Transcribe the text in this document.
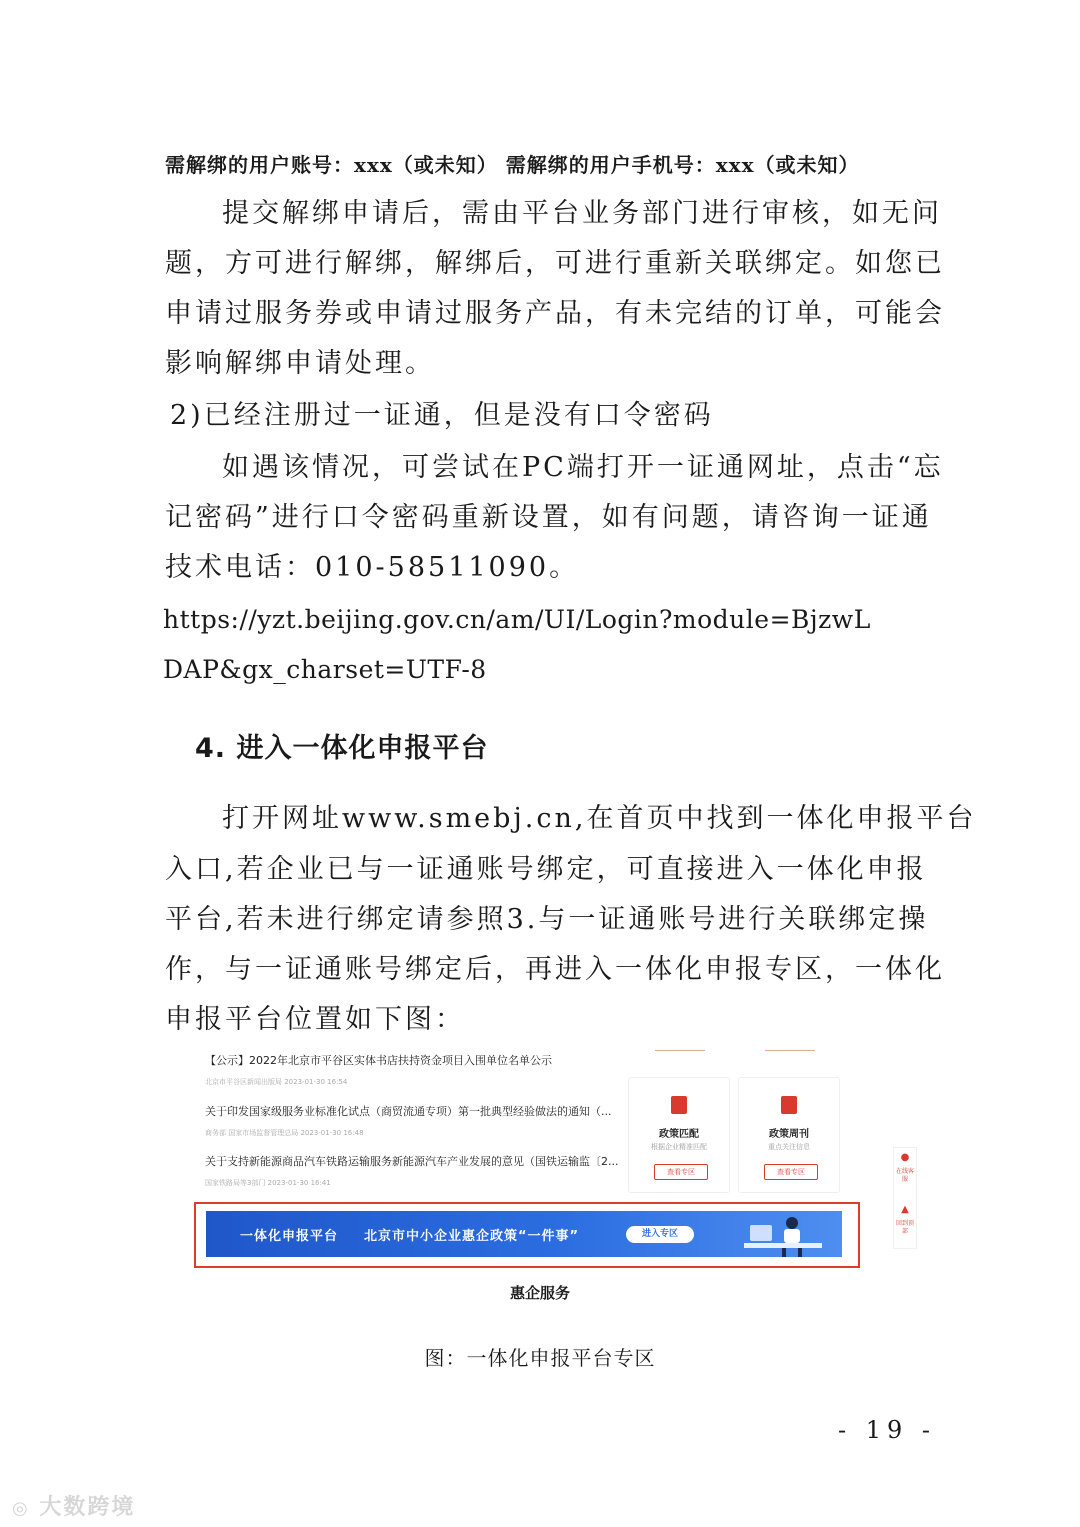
需解绑的用户账号：xxx（或未知） 需解绑的用户手机号：xxx（或未知）
提交解绑申请后，需由平台业务部门进行审核，如无问
题，方可进行解绑，解绑后，可进行重新关联绑定。如您已
申请过服务券或申请过服务产品，有未完结的订单，可能会
影响解绑申请处理。
2)已经注册过一证通，但是没有口令密码
如遇该情况，可尝试在PC端打开一证通网址，点击“忘
记密码”进行口令密码重新设置，如有问题，请咨询一证通
技术电话：010-58511090。
https://yzt.beijing.gov.cn/am/UI/Login?module=BjzwL
DAP&gx_charset=UTF-8
4. 进入一体化申报平台
打开网址www.smebj.cn,在首页中找到一体化申报平台
入口,若企业已与一证通账号绑定，可直接进入一体化申报
平台,若未进行绑定请参照3.与一证通账号进行关联绑定操
作，与一证通账号绑定后，再进入一体化申报专区，一体化
申报平台位置如下图：
【公示】2022年北京市平谷区实体书店扶持资金项目入围单位名单公示
北京市平谷区新闻出版局 2023-01-30 16:54
关于印发国家级服务业标准化试点（商贸流通专项）第一批典型经验做法的通知（...
商务部 国家市场监督管理总局 2023-01-30 16:48
关于支持新能源商品汽车铁路运输服务新能源汽车产业发展的意见（国铁运输监〔2...
国家铁路局等3部门 2023-01-30 16:41
政策匹配
根据企业精准匹配
查看专区
政策周刊
重点关注信息
查看专区
●
在线客服
▲
回到顶部
一体化申报平台 北京市中小企业惠企政策“一件事”	进入专区
惠企服务
图：一体化申报平台专区
- 19 -
◎ 大数跨境
